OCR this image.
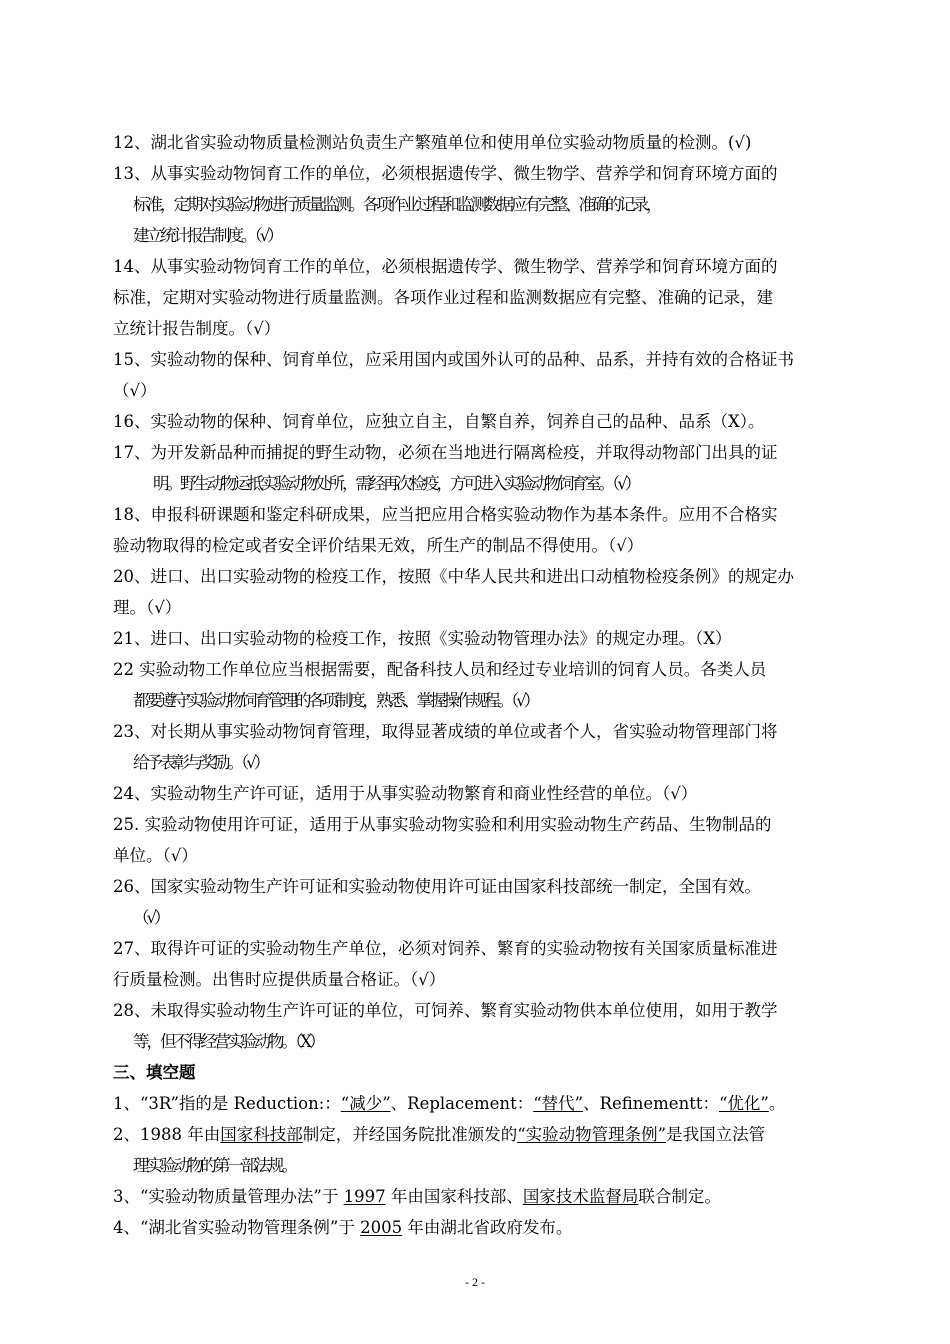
12、湖北省实验动物质量检测站负责生产繁殖单位和使用单位实验动物质量的检测。(√)
13、从事实验动物饲育工作的单位，必须根据遗传学、微生物学、营养学和饲育环境方面的
标准，定期对实验动物进行质量监测。各项作业过程和监测数据应有完整、准确的记录，
建立统计报告制度。（√）
14、从事实验动物饲育工作的单位，必须根据遗传学、微生物学、营养学和饲育环境方面的
标准，定期对实验动物进行质量监测。各项作业过程和监测数据应有完整、准确的记录，建
立统计报告制度。（√）
15、实验动物的保种、饲育单位，应采用国内或国外认可的品种、品系，并持有效的合格证书
（√）
16、实验动物的保种、饲育单位，应独立自主，自繁自养，饲养自己的品种、品系（X）。
17、为开发新品种而捕捉的野生动物，必须在当地进行隔离检疫，并取得动物部门出具的证
明。野生动物运抵实验动物处所，需经再次检疫，方可进入实验动物饲育室。（√）
18、申报科研课题和鉴定科研成果，应当把应用合格实验动物作为基本条件。应用不合格实
验动物取得的检定或者安全评价结果无效，所生产的制品不得使用。（√）
20、进口、出口实验动物的检疫工作，按照《中华人民共和进出口动植物检疫条例》的规定办
理。（√）
21、进口、出口实验动物的检疫工作，按照《实验动物管理办法》的规定办理。（X）
22 实验动物工作单位应当根据需要，配备科技人员和经过专业培训的饲育人员。各类人员
都要遵守实验动物饲育管理的各项制度，熟悉、掌握操作规程。（√）
23、对长期从事实验动物饲育管理，取得显著成绩的单位或者个人，省实验动物管理部门将
给予表彰与奖励。（√）
24、实验动物生产许可证，适用于从事实验动物繁育和商业性经营的单位。（√）
25. 实验动物使用许可证，适用于从事实验动物实验和利用实验动物生产药品、生物制品的
单位。（√）
26、国家实验动物生产许可证和实验动物使用许可证由国家科技部统一制定，全国有效。
（√）
27、取得许可证的实验动物生产单位，必须对饲养、繁育的实验动物按有关国家质量标准进
行质量检测。出售时应提供质量合格证。（√）
28、未取得实验动物生产许可证的单位，可饲养、繁育实验动物供本单位使用，如用于教学
等，但不得经营实验动物。（X）
三、填空题
1、“3R”指的是 Reduction:：“减少”、Replacement：“替代”、Refinementt：“优化”。
2、1988 年由国家科技部制定，并经国务院批准颁发的“实验动物管理条例”是我国立法管
理实验动物的第一部法规。
3、“实验动物质量管理办法”于 1997 年由国家科技部、国家技术监督局联合制定。
4、“湖北省实验动物管理条例”于 2005 年由湖北省政府发布。
- 2 -
